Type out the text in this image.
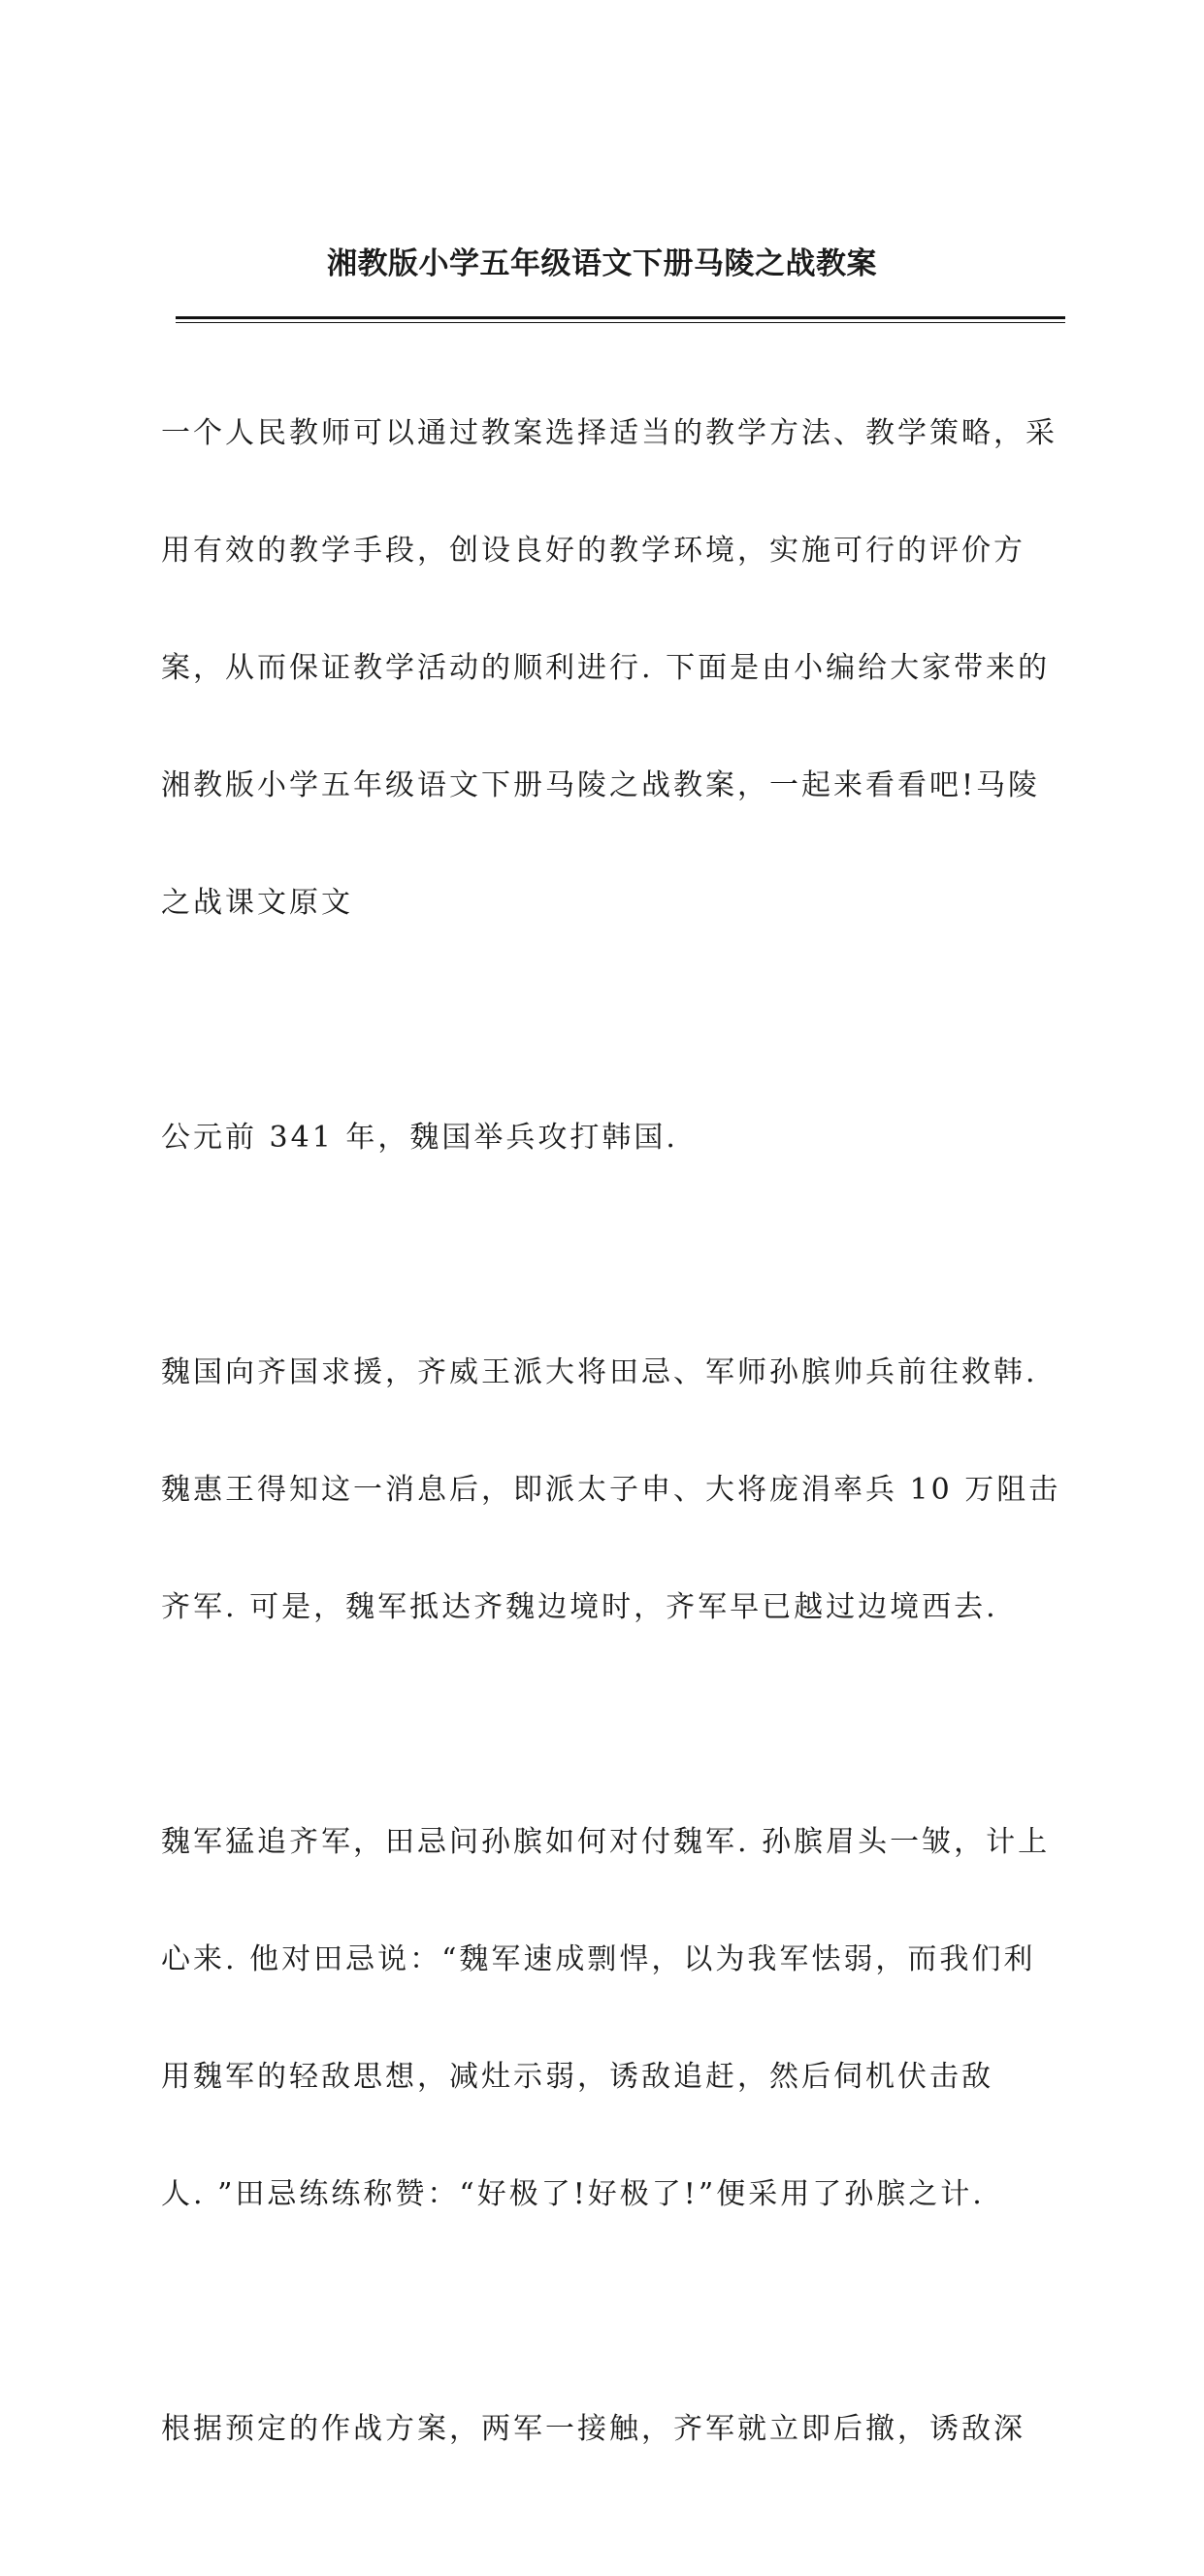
湘教版小学五年级语文下册马陵之战教案

一个人民教师可以通过教案选择适当的教学方法、教学策略，采

用有效的教学手段，创设良好的教学环境，实施可行的评价方

案，从而保证教学活动的顺利进行. 下面是由小编给大家带来的

湘教版小学五年级语文下册马陵之战教案，一起来看看吧!马陵

之战课文原文

公元前 341 年，魏国举兵攻打韩国.

魏国向齐国求援，齐威王派大将田忌、军师孙膑帅兵前往救韩.

魏惠王得知这一消息后，即派太子申、大将庞涓率兵 10 万阻击

齐军. 可是，魏军抵达齐魏边境时，齐军早已越过边境西去.

魏军猛追齐军，田忌问孙膑如何对付魏军. 孙膑眉头一皱，计上

心来. 他对田忌说：“魏军速成剽悍，以为我军怯弱，而我们利

用魏军的轻敌思想，减灶示弱，诱敌追赶，然后伺机伏击敌

人. ”田忌练练称赞：“好极了!好极了!”便采用了孙膑之计.

根据预定的作战方案，两军一接触，齐军就立即后撤，诱敌深
